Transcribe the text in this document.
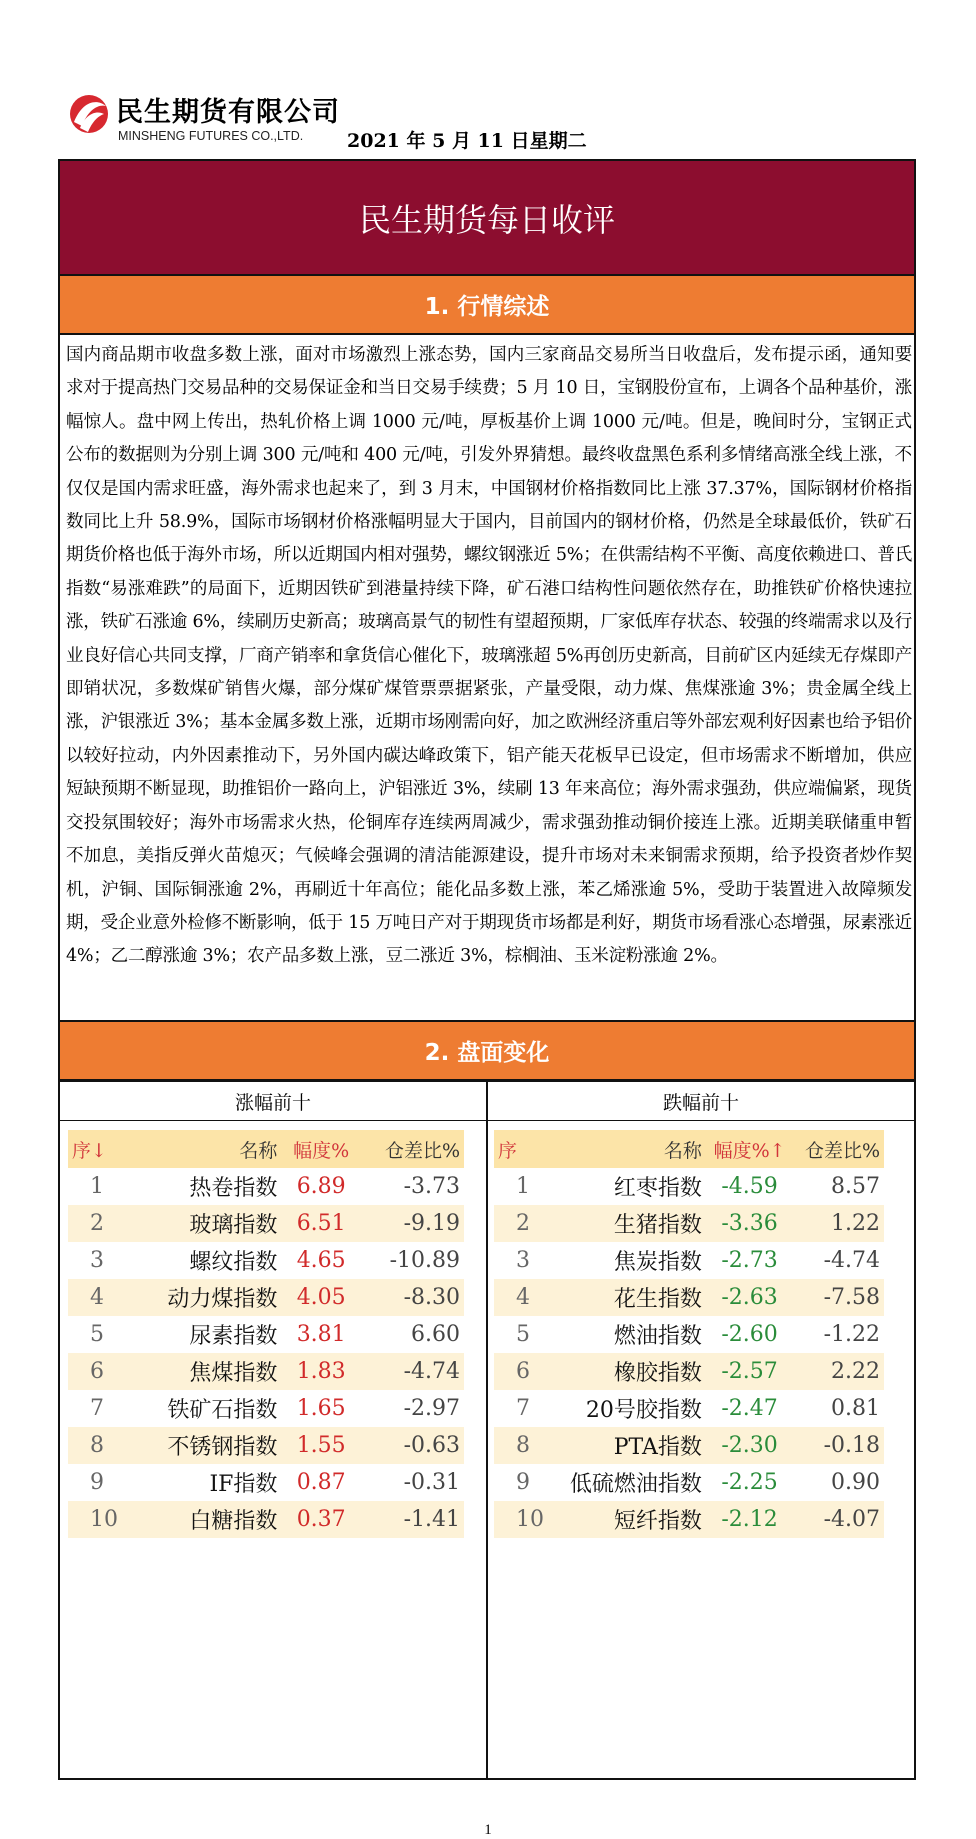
民生期货有限公司
MINSHENG FUTURES CO.,LTD. 2021 年 5 月 11 日星期二
民生期货每日收评
1. 行情综述

国内商品期市收盘多数上涨，面对市场激烈上涨态势，国内三家商品交易所当日收盘后，发布提示函，通知要求对于提高热门交易品种的交易保证金和当日交易手续费；5 月 10 日，宝钢股份宣布，上调各个品种基价，涨幅惊人。盘中网上传出，热轧价格上调 1000 元/吨，厚板基价上调 1000 元/吨。但是，晚间时分，宝钢正式公布的数据则为分别上调 300 元/吨和 400 元/吨，引发外界猜想。最终收盘黑色系利多情绪高涨全线上涨，不仅仅是国内需求旺盛，海外需求也起来了，到 3 月末，中国钢材价格指数同比上涨 37.37%，国际钢材价格指数同比上升 58.9%，国际市场钢材价格涨幅明显大于国内，目前国内的钢材价格，仍然是全球最低价，铁矿石期货价格也低于海外市场，所以近期国内相对强势，螺纹钢涨近 5%；在供需结构不平衡、高度依赖进口、普氏指数“易涨难跌”的局面下，近期因铁矿到港量持续下降，矿石港口结构性问题依然存在，助推铁矿价格快速拉涨，铁矿石涨逾 6%，续刷历史新高；玻璃高景气的韧性有望超预期，厂家低库存状态、较强的终端需求以及行业良好信心共同支撑，厂商产销率和拿货信心催化下，玻璃涨超 5%再创历史新高，目前矿区内延续无存煤即产即销状况，多数煤矿销售火爆，部分煤矿煤管票票据紧张，产量受限，动力煤、焦煤涨逾 3%；贵金属全线上涨，沪银涨近 3%；基本金属多数上涨，近期市场刚需向好，加之欧洲经济重启等外部宏观利好因素也给予铝价以较好拉动，内外因素推动下，另外国内碳达峰政策下，铝产能天花板早已设定，但市场需求不断增加，供应短缺预期不断显现，助推铝价一路向上，沪铝涨近 3%，续刷 13 年来高位；海外需求强劲，供应端偏紧，现货交投氛围较好；海外市场需求火热，伦铜库存连续两周减少，需求强劲推动铜价接连上涨。近期美联储重申暂不加息，美指反弹火苗熄灭；气候峰会强调的清洁能源建设，提升市场对未来铜需求预期，给予投资者炒作契机，沪铜、国际铜涨逾 2%，再刷近十年高位；能化品多数上涨，苯乙烯涨逾 5%，受助于装置进入故障频发期，受企业意外检修不断影响，低于 15 万吨日产对于期现货市场都是利好，期货市场看涨心态增强，尿素涨近 4%；乙二醇涨逾 3%；农产品多数上涨，豆二涨近 3%，棕榈油、玉米淀粉涨逾 2%。

2. 盘面变化
涨幅前十
序↓	名称	幅度%	仓差比%
1	热卷指数	6.89	-3.73
2	玻璃指数	6.51	-9.19
3	螺纹指数	4.65	-10.89
4	动力煤指数	4.05	-8.30
5	尿素指数	3.81	6.60
6	焦煤指数	1.83	-4.74
7	铁矿石指数	1.65	-2.97
8	不锈钢指数	1.55	-0.63
9	IF指数	0.87	-0.31
10	白糖指数	0.37	-1.41
跌幅前十
序	名称	幅度%↑	仓差比%
1	红枣指数	-4.59	8.57
2	生猪指数	-3.36	1.22
3	焦炭指数	-2.73	-4.74
4	花生指数	-2.63	-7.58
5	燃油指数	-2.60	-1.22
6	橡胶指数	-2.57	2.22
7	20号胶指数	-2.47	0.81
8	PTA指数	-2.30	-0.18
9	低硫燃油指数	-2.25	0.90
10	短纤指数	-2.12	-4.07
1
